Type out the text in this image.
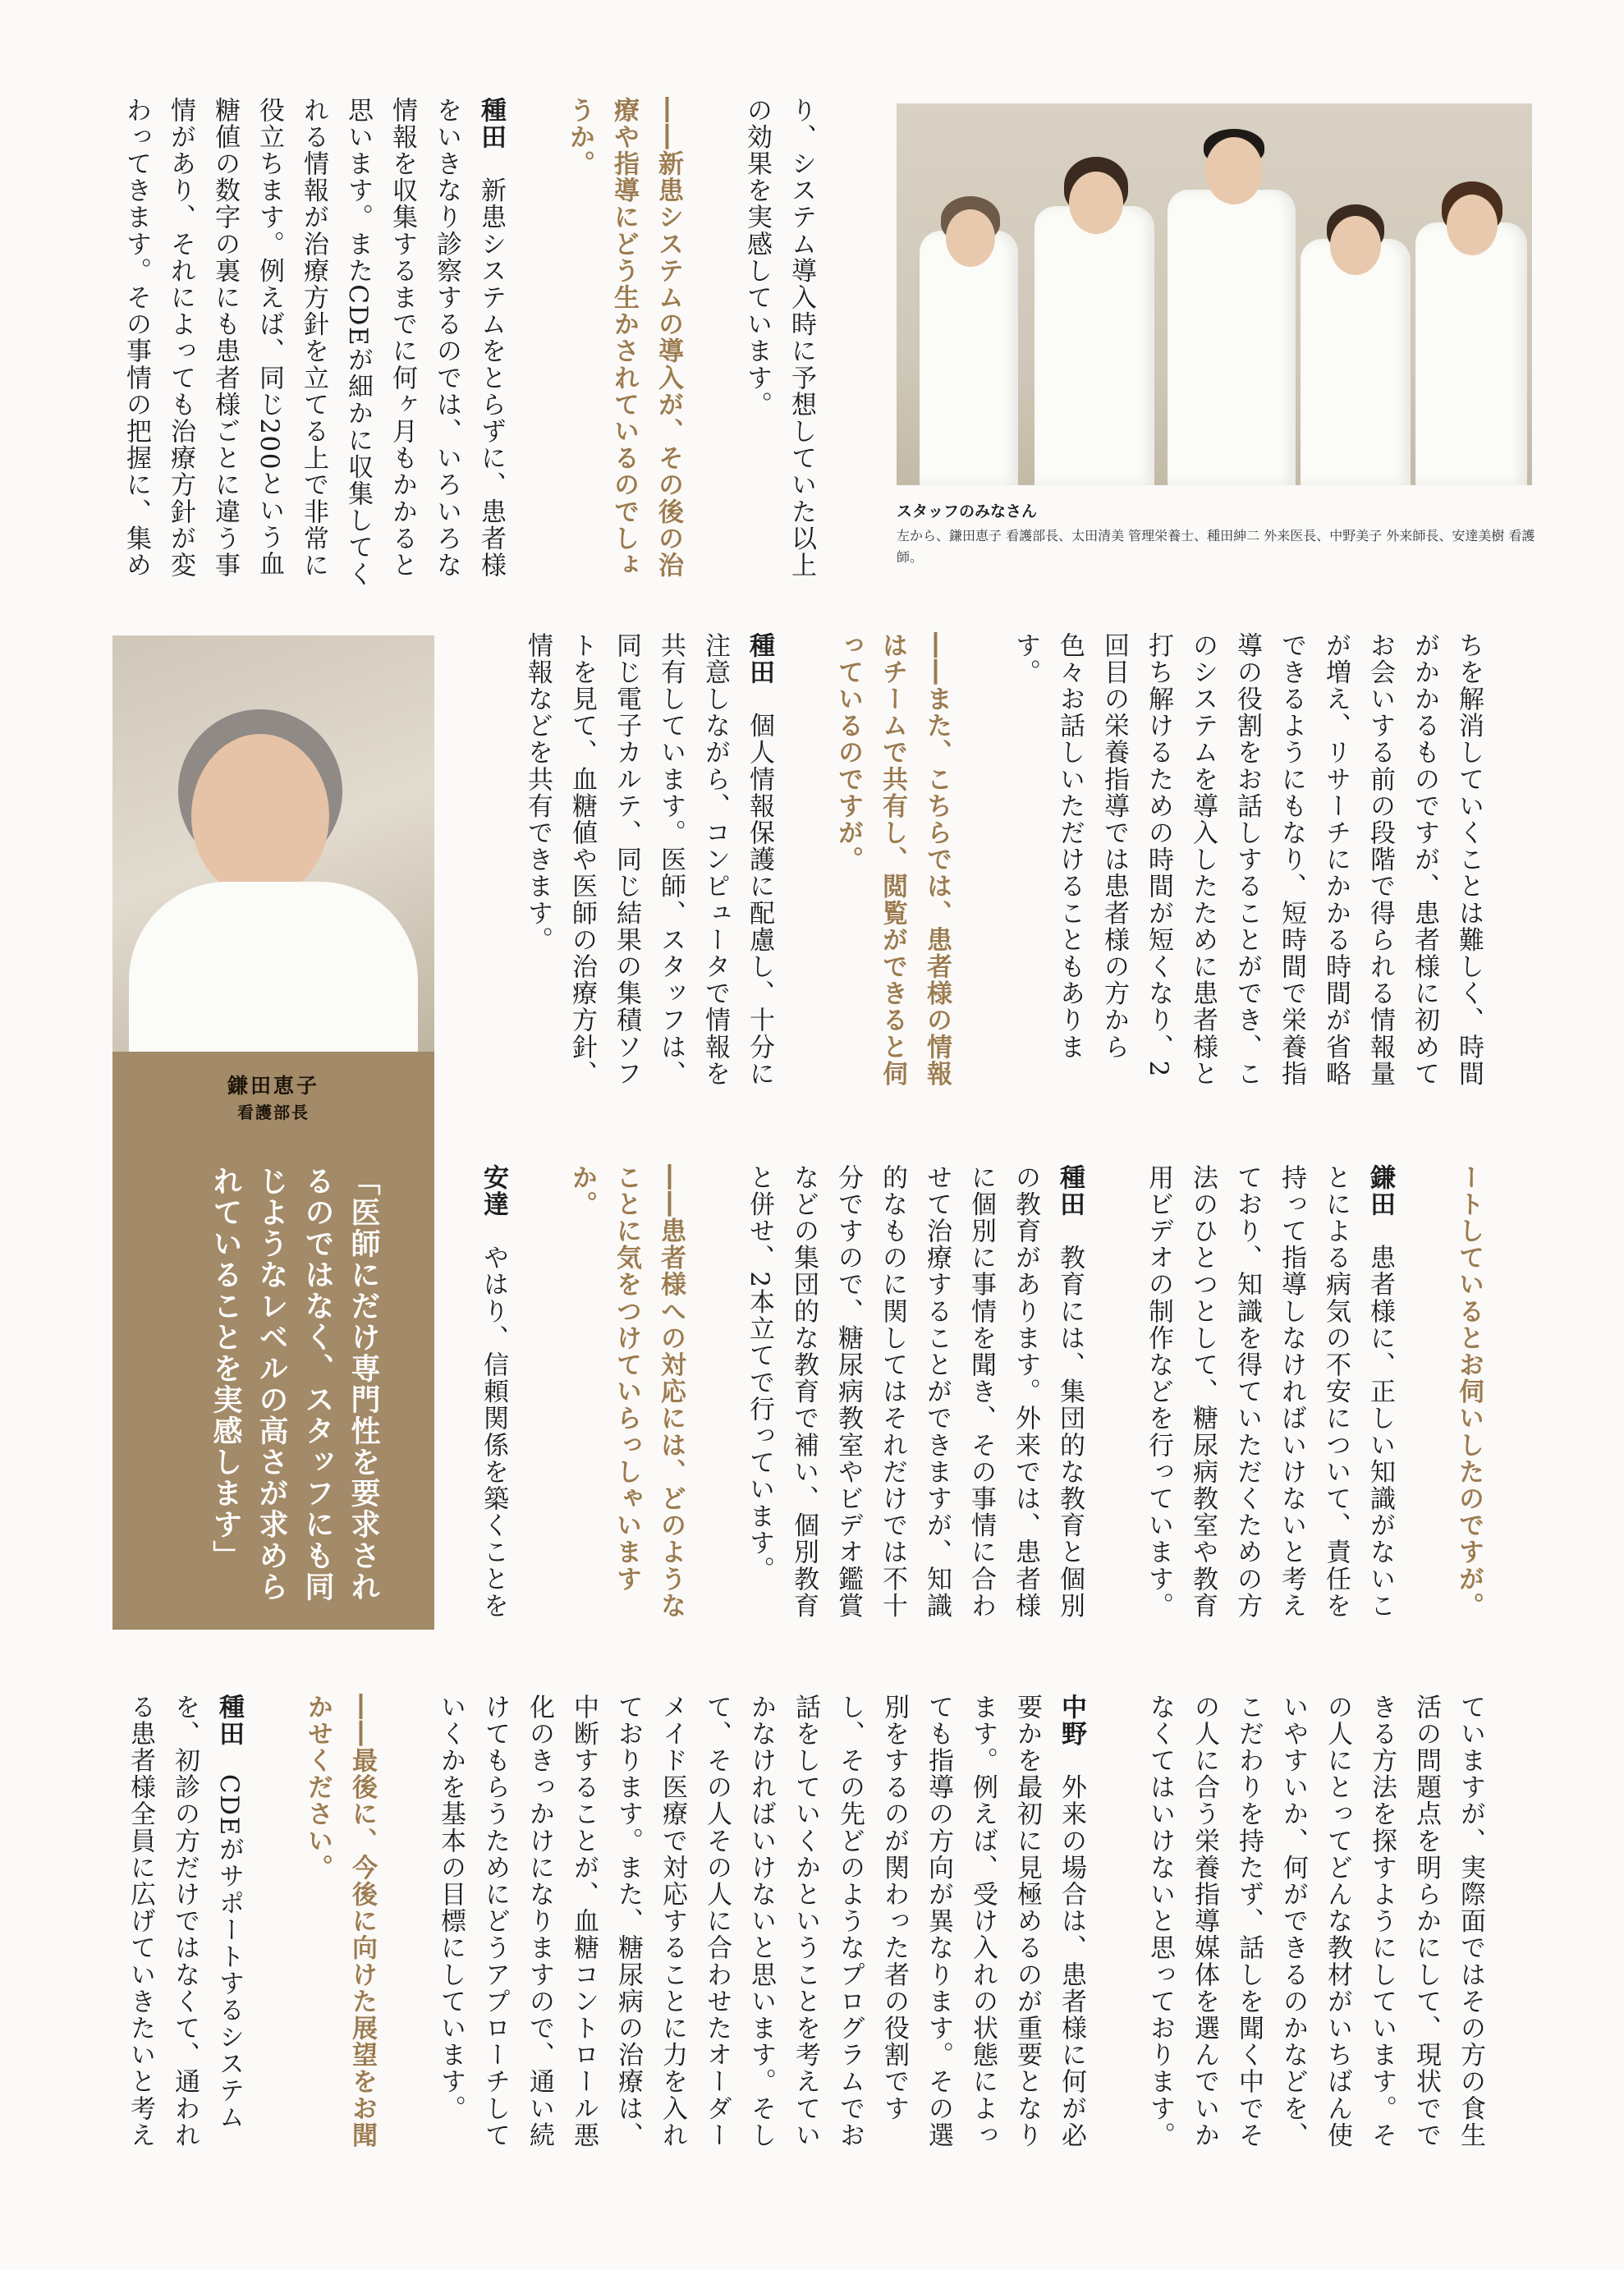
スタッフのみなさん
左から、鎌田恵子 看護部長、太田清美 管理栄養士、種田紳二 外来医長、中野美子 外来師長、安達美樹 看護師。

り、システム導入時に予想していた以上の効果を実感しています。

――新患システムの導入が、その後の治療や指導にどう生かされているのでしょうか。

種田　新患システムをとらずに、患者様をいきなり診察するのでは、いろいろな情報を収集するまでに何ヶ月もかかると思います。またCDEが細かに収集してくれる情報が治療方針を立てる上で非常に役立ちます。例えば、同じ200という血糖値の数字の裏にも患者様ごとに違う事情があり、それによっても治療方針が変わってきます。その事情の把握に、集め

鎌田恵子
看護部長
「医師にだけ専門性を要求されるのではなく、スタッフにも同じようなレベルの高さが求められていることを実感します」

ちを解消していくことは難しく、時間がかかるものですが、患者様に初めてお会いする前の段階で得られる情報量が増え、リサーチにかかる時間が省略できるようにもなり、短時間で栄養指導の役割をお話しすることができ、このシステムを導入したために患者様と打ち解けるための時間が短くなり、2回目の栄養指導では患者様の方から色々お話しいただけることもあります。

――また、こちらでは、患者様の情報はチームで共有し、閲覧ができると伺っているのですが。

種田　個人情報保護に配慮し、十分に注意しながら、コンピュータで情報を共有しています。医師、スタッフは、同じ電子カルテ、同じ結果の集積ソフトを見て、血糖値や医師の治療方針、情報などを共有できます。

ートしているとお伺いしたのですが。

鎌田　患者様に、正しい知識がないことによる病気の不安について、責任を持って指導しなければいけないと考えており、知識を得ていただくための方法のひとつとして、糖尿病教室や教育用ビデオの制作などを行っています。

種田　教育には、集団的な教育と個別の教育があります。外来では、患者様に個別に事情を聞き、その事情に合わせて治療することができますが、知識的なものに関してはそれだけでは不十分ですので、糖尿病教室やビデオ鑑賞などの集団的な教育で補い、個別教育と併せ、2本立てで行っています。

――患者様への対応には、どのようなことに気をつけていらっしゃいますか。

安達　やはり、信頼関係を築くことを

ていますが、実際面ではその方の食生活の問題点を明らかにして、現状でできる方法を探すようにしています。その人にとってどんな教材がいちばん使いやすいか、何ができるのかなどを、こだわりを持たず、話しを聞く中でその人に合う栄養指導媒体を選んでいかなくてはいけないと思っております。

中野　外来の場合は、患者様に何が必要かを最初に見極めるのが重要となります。例えば、受け入れの状態によっても指導の方向が異なります。その選別をするのが関わった者の役割ですし、その先どのようなプログラムでお話をしていくかということを考えていかなければいけないと思います。そして、その人その人に合わせたオーダーメイド医療で対応することに力を入れております。また、糖尿病の治療は、中断することが、血糖コントロール悪化のきっかけになりますので、通い続けてもらうためにどうアプローチしていくかを基本の目標にしています。

――最後に、今後に向けた展望をお聞かせください。

種田　CDEがサポートするシステムを、初診の方だけではなくて、通われる患者様全員に広げていきたいと考え
